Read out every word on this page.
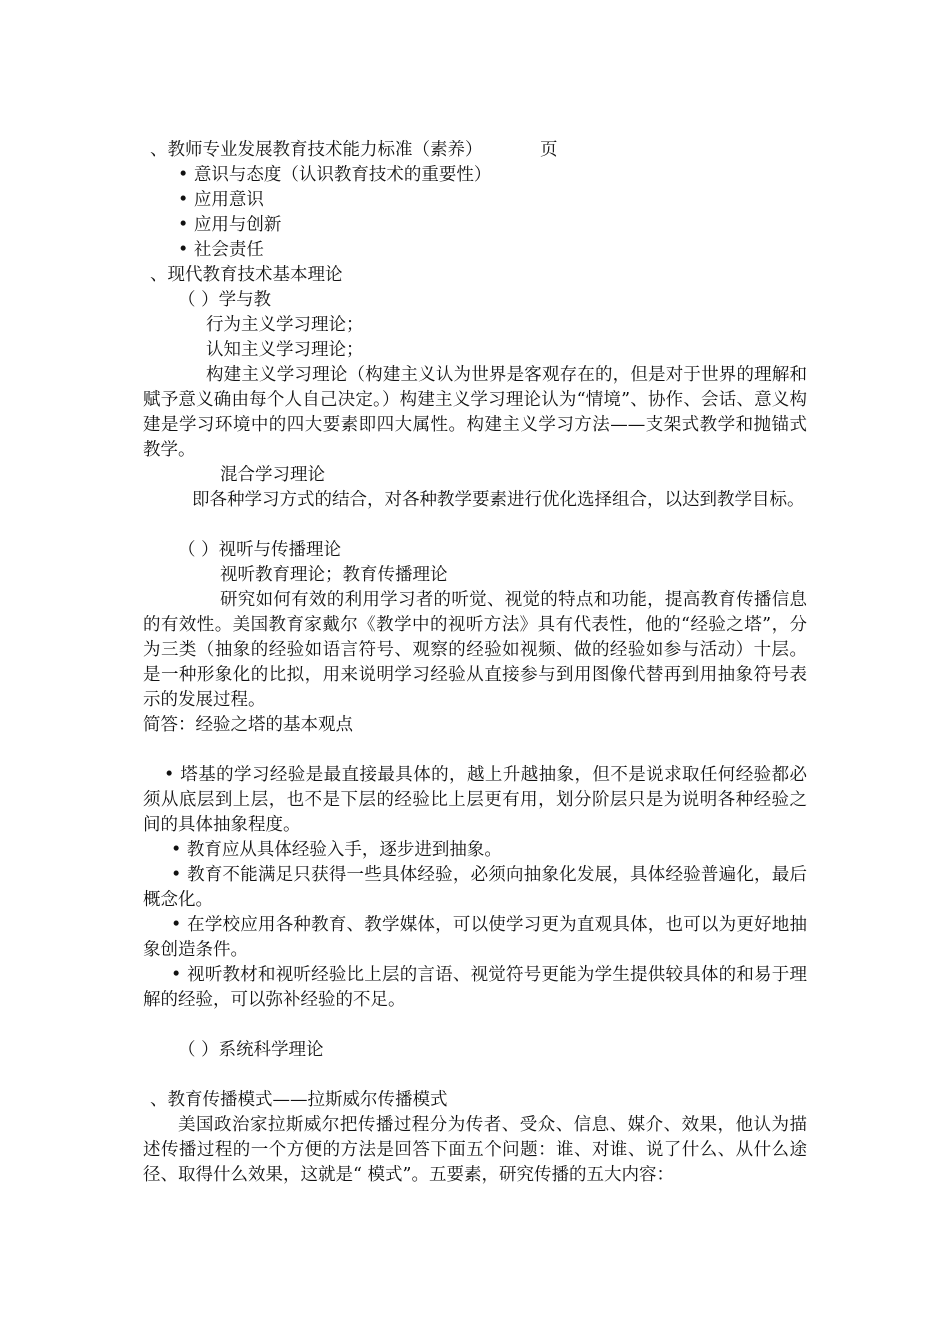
、教师专业发展教育技术能力标准（素养）	页
• 意识与态度（认识教育技术的重要性）
• 应用意识
• 应用与创新
• 社会责任
、现代教育技术基本理论
（ ）学与教
行为主义学习理论；
认知主义学习理论；
构建主义学习理论（构建主义认为世界是客观存在的，但是对于世界的理解和赋予意义确由每个人自己决定。）构建主义学习理论认为“情境”、协作、会话、意义构建是学习环境中的四大要素即四大属性。构建主义学习方法——支架式教学和抛锚式教学。
混合学习理论
即各种学习方式的结合，对各种教学要素进行优化选择组合，以达到教学目标。
（ ）视听与传播理论
视听教育理论；教育传播理论
研究如何有效的利用学习者的听觉、视觉的特点和功能，提高教育传播信息的有效性。美国教育家戴尔《教学中的视听方法》具有代表性，他的“经验之塔”，分为三类（抽象的经验如语言符号、观察的经验如视频、做的经验如参与活动）十层。 是一种形象化的比拟，用来说明学习经验从直接参与到用图像代替再到用抽象符号表示的发展过程。
简答：经验之塔的基本观点
• 塔基的学习经验是最直接最具体的，越上升越抽象，但不是说求取任何经验都必须从底层到上层，也不是下层的经验比上层更有用，划分阶层只是为说明各种经验之间的具体抽象程度。
• 教育应从具体经验入手，逐步进到抽象。
• 教育不能满足只获得一些具体经验，必须向抽象化发展，具体经验普遍化，最后概念化。
• 在学校应用各种教育、教学媒体，可以使学习更为直观具体，也可以为更好地抽象创造条件。
• 视听教材和视听经验比上层的言语、视觉符号更能为学生提供较具体的和易于理解的经验，可以弥补经验的不足。
（ ）系统科学理论
、教育传播模式——拉斯威尔传播模式
美国政治家拉斯威尔把传播过程分为传者、受众、信息、媒介、效果，他认为描述传播过程的一个方便的方法是回答下面五个问题：谁、对谁、说了什么、从什么途径、取得什么效果，这就是“ 模式”。五要素，研究传播的五大内容：
